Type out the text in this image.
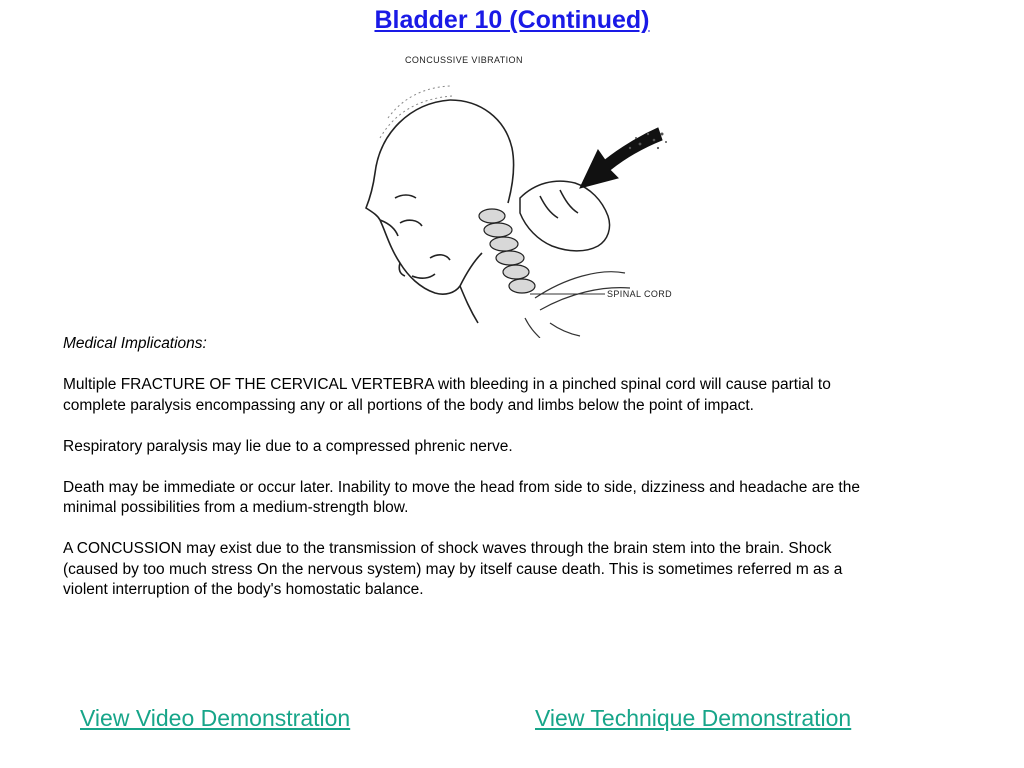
Bladder 10 (Continued)
CONCUSSIVE VIBRATION
SPINAL CORD

Medical Implications:

Multiple FRACTURE OF THE CERVICAL VERTEBRA with bleeding in a pinched spinal cord will cause partial to complete paralysis encompassing any or all portions of the body and limbs below the point of impact.

Respiratory paralysis may lie due to a compressed phrenic nerve.

Death may be immediate or occur later. Inability to move the head from side to side, dizziness and headache are the minimal possibilities from a medium-strength blow.

A CONCUSSION may exist due to the transmission of shock waves through the brain stem into the brain. Shock (caused by too much stress On the nervous system) may by itself cause death. This is sometimes referred m as a violent interruption of the body's homostatic balance.

View Video Demonstration	View Technique Demonstration
